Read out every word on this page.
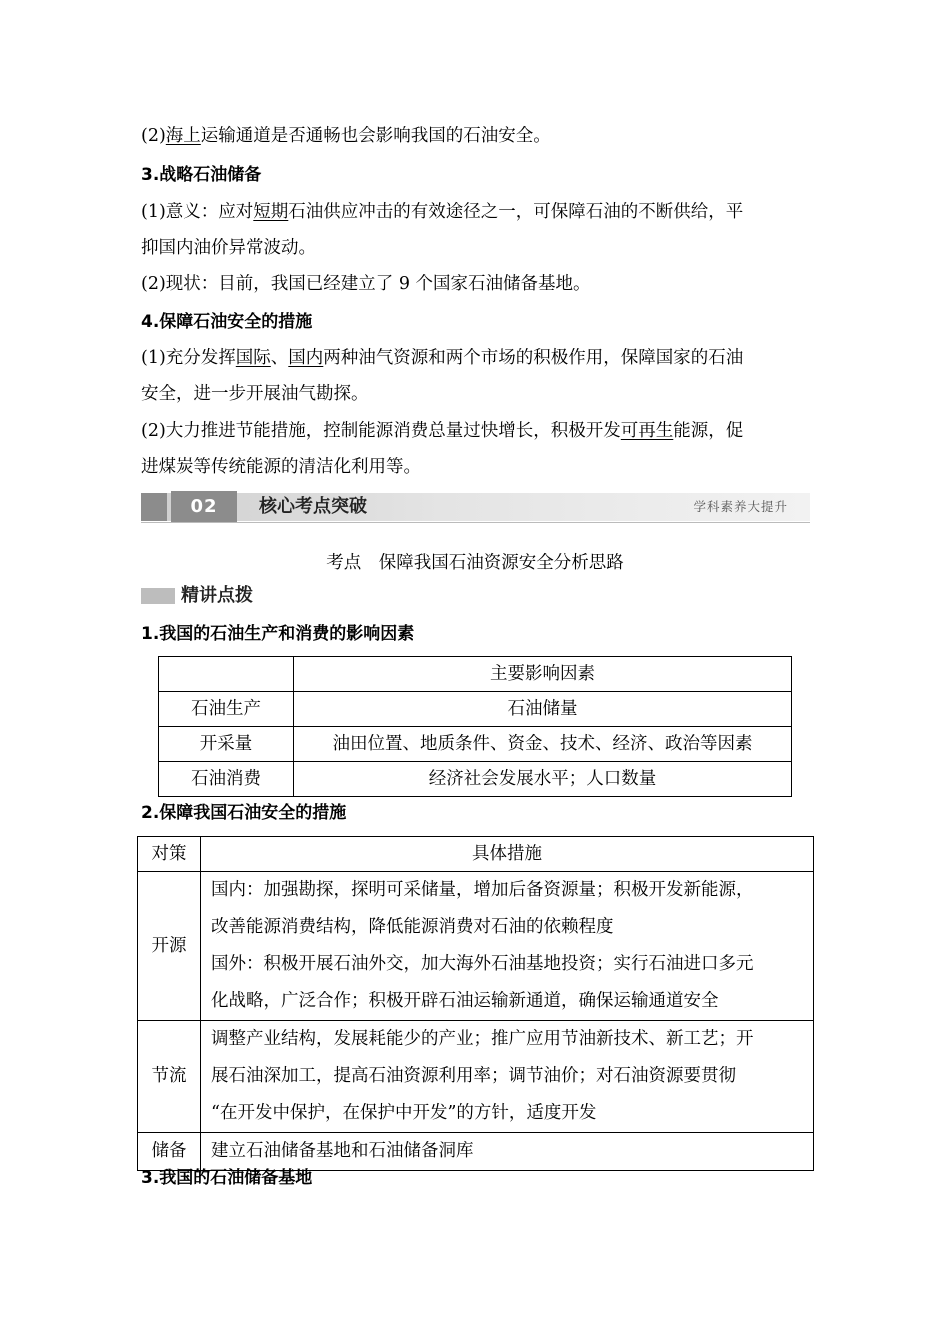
(2)海上运输通道是否通畅也会影响我国的石油安全。
3.战略石油储备
(1)意义：应对短期石油供应冲击的有效途径之一，可保障石油的不断供给，平
抑国内油价异常波动。
(2)现状：目前，我国已经建立了 9 个国家石油储备基地。
4.保障石油安全的措施
(1)充分发挥国际、国内两种油气资源和两个市场的积极作用，保障国家的石油
安全，进一步开展油气勘探。
(2)大力推进节能措施，控制能源消费总量过快增长，积极开发可再生能源，促
进煤炭等传统能源的清洁化利用等。
02	核心考点突破	学科素养大提升
考点　保障我国石油资源安全分析思路
精讲点拨
1.我国的石油生产和消费的影响因素
	主要影响因素
石油生产	石油储量
开采量	油田位置、地质条件、资金、技术、经济、政治等因素
石油消费	经济社会发展水平；人口数量
2.保障我国石油安全的措施
对策	具体措施
开源	国内：加强勘探，探明可采储量，增加后备资源量；积极开发新能源，
改善能源消费结构，降低能源消费对石油的依赖程度
国外：积极开展石油外交，加大海外石油基地投资；实行石油进口多元
化战略，广泛合作；积极开辟石油运输新通道，确保运输通道安全

节流	调整产业结构，发展耗能少的产业；推广应用节油新技术、新工艺；开
展石油深加工，提高石油资源利用率；调节油价；对石油资源要贯彻
“在开发中保护，在保护中开发”的方针，适度开发

储备	建立石油储备基地和石油储备洞库
3.我国的石油储备基地
